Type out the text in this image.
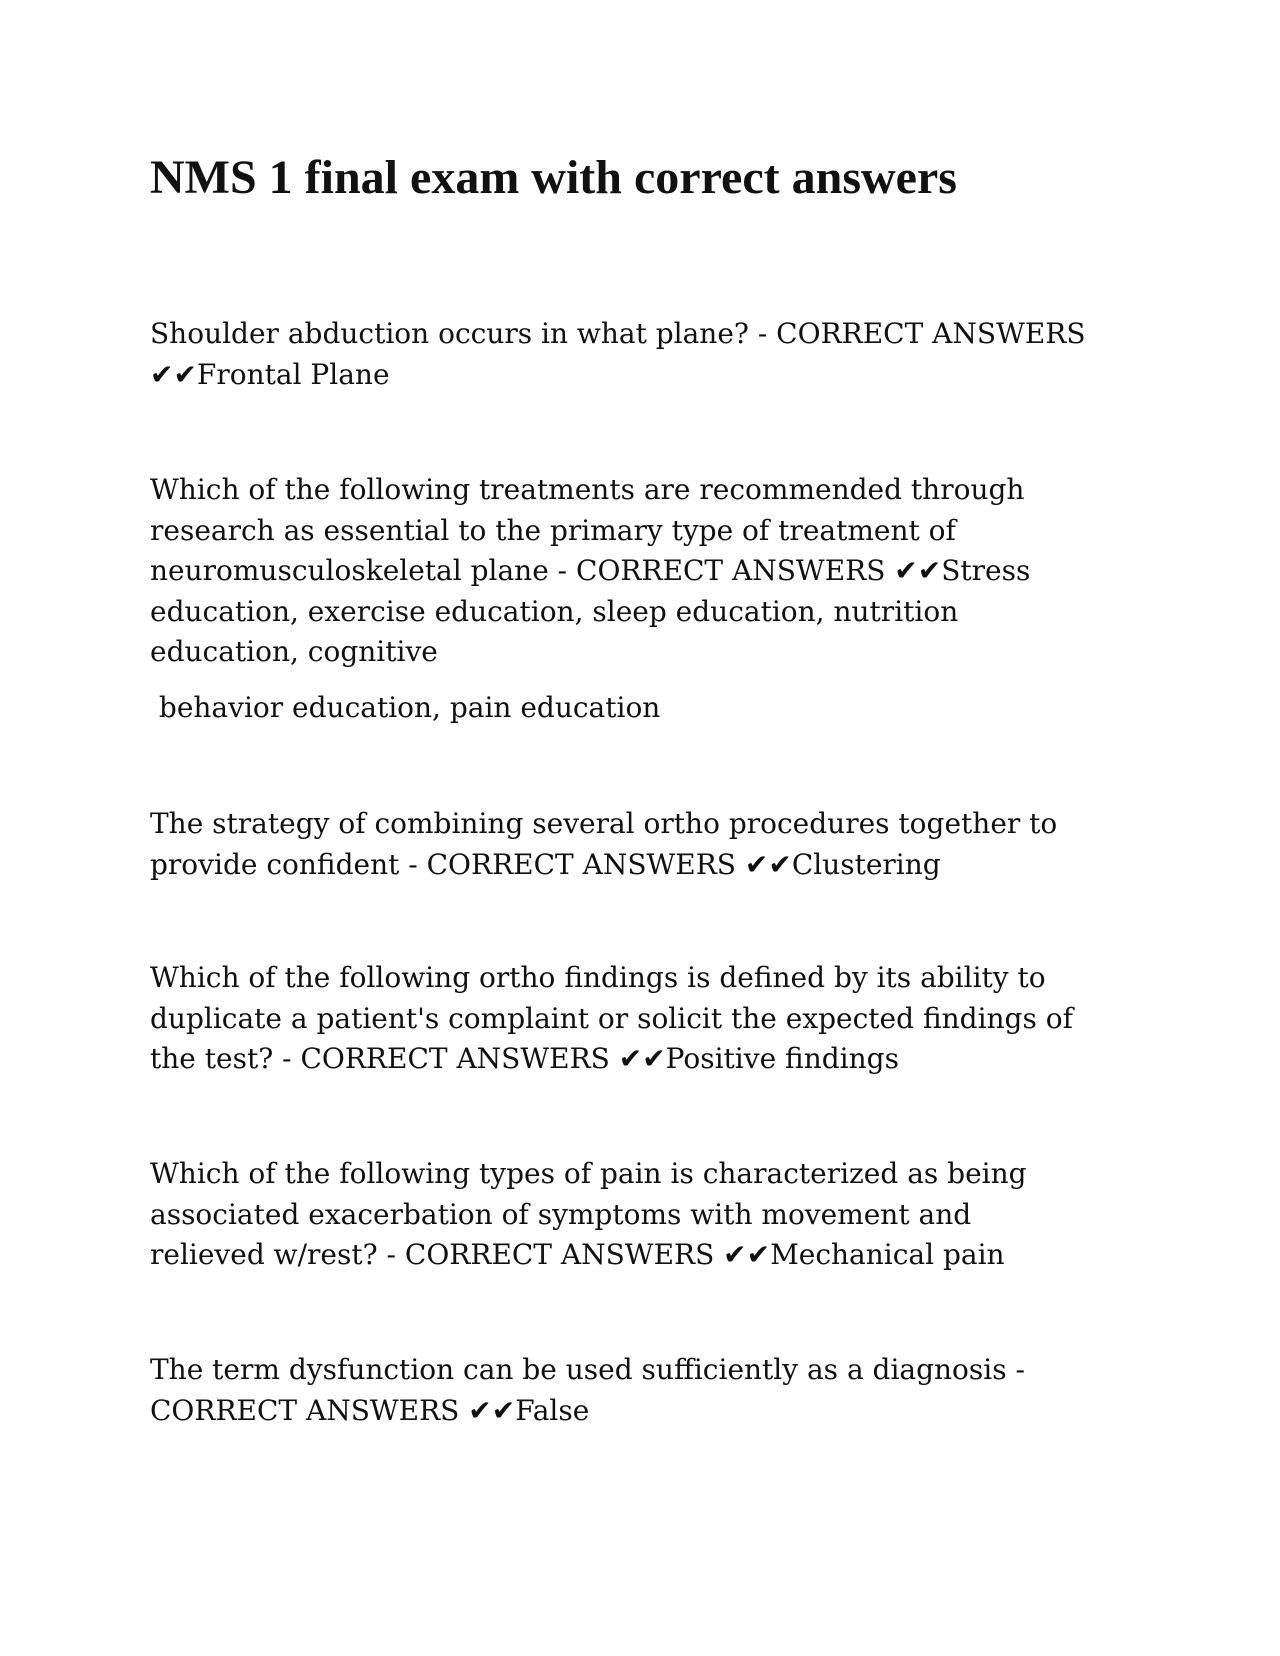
NMS 1 final exam with correct answers
Shoulder abduction occurs in what plane? - CORRECT ANSWERS
✔✔Frontal Plane
Which of the following treatments are recommended through
research as essential to the primary type of treatment of
neuromusculoskeletal plane - CORRECT ANSWERS ✔✔Stress
education, exercise education, sleep education, nutrition
education, cognitive
behavior education, pain education
The strategy of combining several ortho procedures together to
provide confident - CORRECT ANSWERS ✔✔Clustering
Which of the following ortho findings is defined by its ability to
duplicate a patient's complaint or solicit the expected findings of
the test? - CORRECT ANSWERS ✔✔Positive findings
Which of the following types of pain is characterized as being
associated exacerbation of symptoms with movement and
relieved w/rest? - CORRECT ANSWERS ✔✔Mechanical pain
The term dysfunction can be used sufficiently as a diagnosis -
CORRECT ANSWERS ✔✔False
